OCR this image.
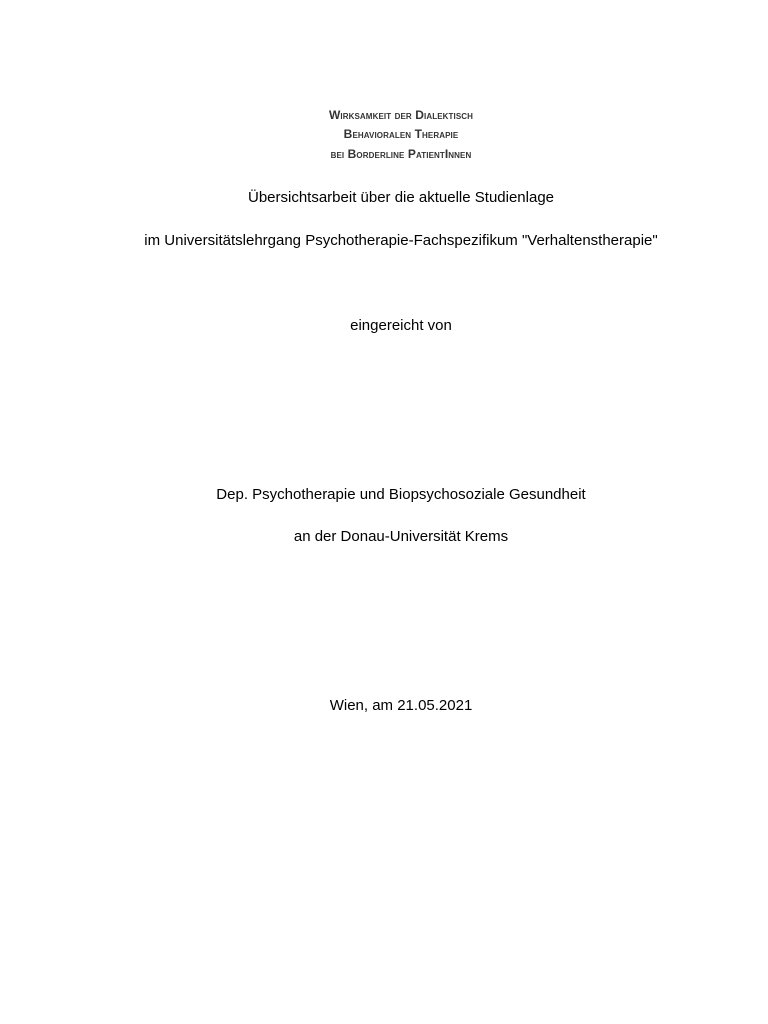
Wirksamkeit der Dialektisch
Behavioralen Therapie
bei Borderline PatientInnen
Übersichtsarbeit über die aktuelle Studienlage
im Universitätslehrgang Psychotherapie-Fachspezifikum "Verhaltenstherapie"
eingereicht von
Dep. Psychotherapie und Biopsychosoziale Gesundheit
an der Donau-Universität Krems
Wien, am 21.05.2021
